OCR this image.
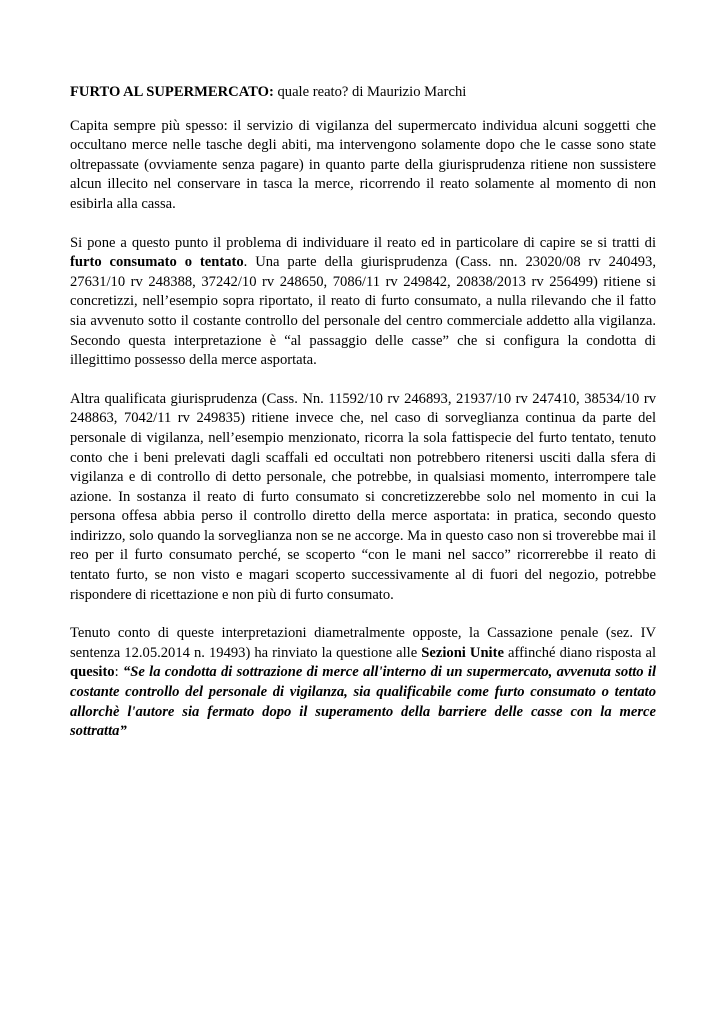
FURTO AL SUPERMERCATO: quale reato? di Maurizio Marchi

Capita sempre più spesso: il servizio di vigilanza del supermercato individua alcuni soggetti che occultano merce nelle tasche degli abiti, ma intervengono solamente dopo che le casse sono state oltrepassate (ovviamente senza pagare) in quanto parte della giurisprudenza ritiene non sussistere alcun illecito nel conservare in tasca la merce, ricorrendo il reato solamente al momento di non esibirla alla cassa.

Si pone a questo punto il problema di individuare il reato ed in particolare di capire se si tratti di furto consumato o tentato. Una parte della giurisprudenza (Cass. nn. 23020/08 rv 240493, 27631/10 rv 248388, 37242/10 rv 248650, 7086/11 rv 249842, 20838/2013 rv 256499) ritiene si concretizzi, nell’esempio sopra riportato, il reato di furto consumato, a nulla rilevando che il fatto sia avvenuto sotto il costante controllo del personale del centro commerciale addetto alla vigilanza. Secondo questa interpretazione è “al passaggio delle casse” che si configura la condotta di illegittimo possesso della merce asportata.

Altra qualificata giurisprudenza (Cass. Nn. 11592/10 rv 246893, 21937/10 rv 247410, 38534/10 rv 248863, 7042/11 rv 249835) ritiene invece che, nel caso di sorveglianza continua da parte del personale di vigilanza, nell’esempio menzionato, ricorra la sola fattispecie del furto tentato, tenuto conto che i beni prelevati dagli scaffali ed occultati non potrebbero ritenersi usciti dalla sfera di vigilanza e di controllo di detto personale, che potrebbe, in qualsiasi momento, interrompere tale azione. In sostanza il reato di furto consumato si concretizzerebbe solo nel momento in cui la persona offesa abbia perso il controllo diretto della merce asportata: in pratica, secondo questo indirizzo, solo quando la sorveglianza non se ne accorge. Ma in questo caso non si troverebbe mai il reo per il furto consumato perché, se scoperto “con le mani nel sacco” ricorrerebbe il reato di tentato furto, se non visto e magari scoperto successivamente al di fuori del negozio, potrebbe rispondere di ricettazione e non più di furto consumato.

Tenuto conto di queste interpretazioni diametralmente opposte, la Cassazione penale (sez. IV sentenza 12.05.2014 n. 19493) ha rinviato la questione alle Sezioni Unite affinché diano risposta al quesito: “Se la condotta di sottrazione di merce all'interno di un supermercato, avvenuta sotto il costante controllo del personale di vigilanza, sia qualificabile come furto consumato o tentato allorchè l'autore sia fermato dopo il superamento della barriere delle casse con la merce sottratta”
